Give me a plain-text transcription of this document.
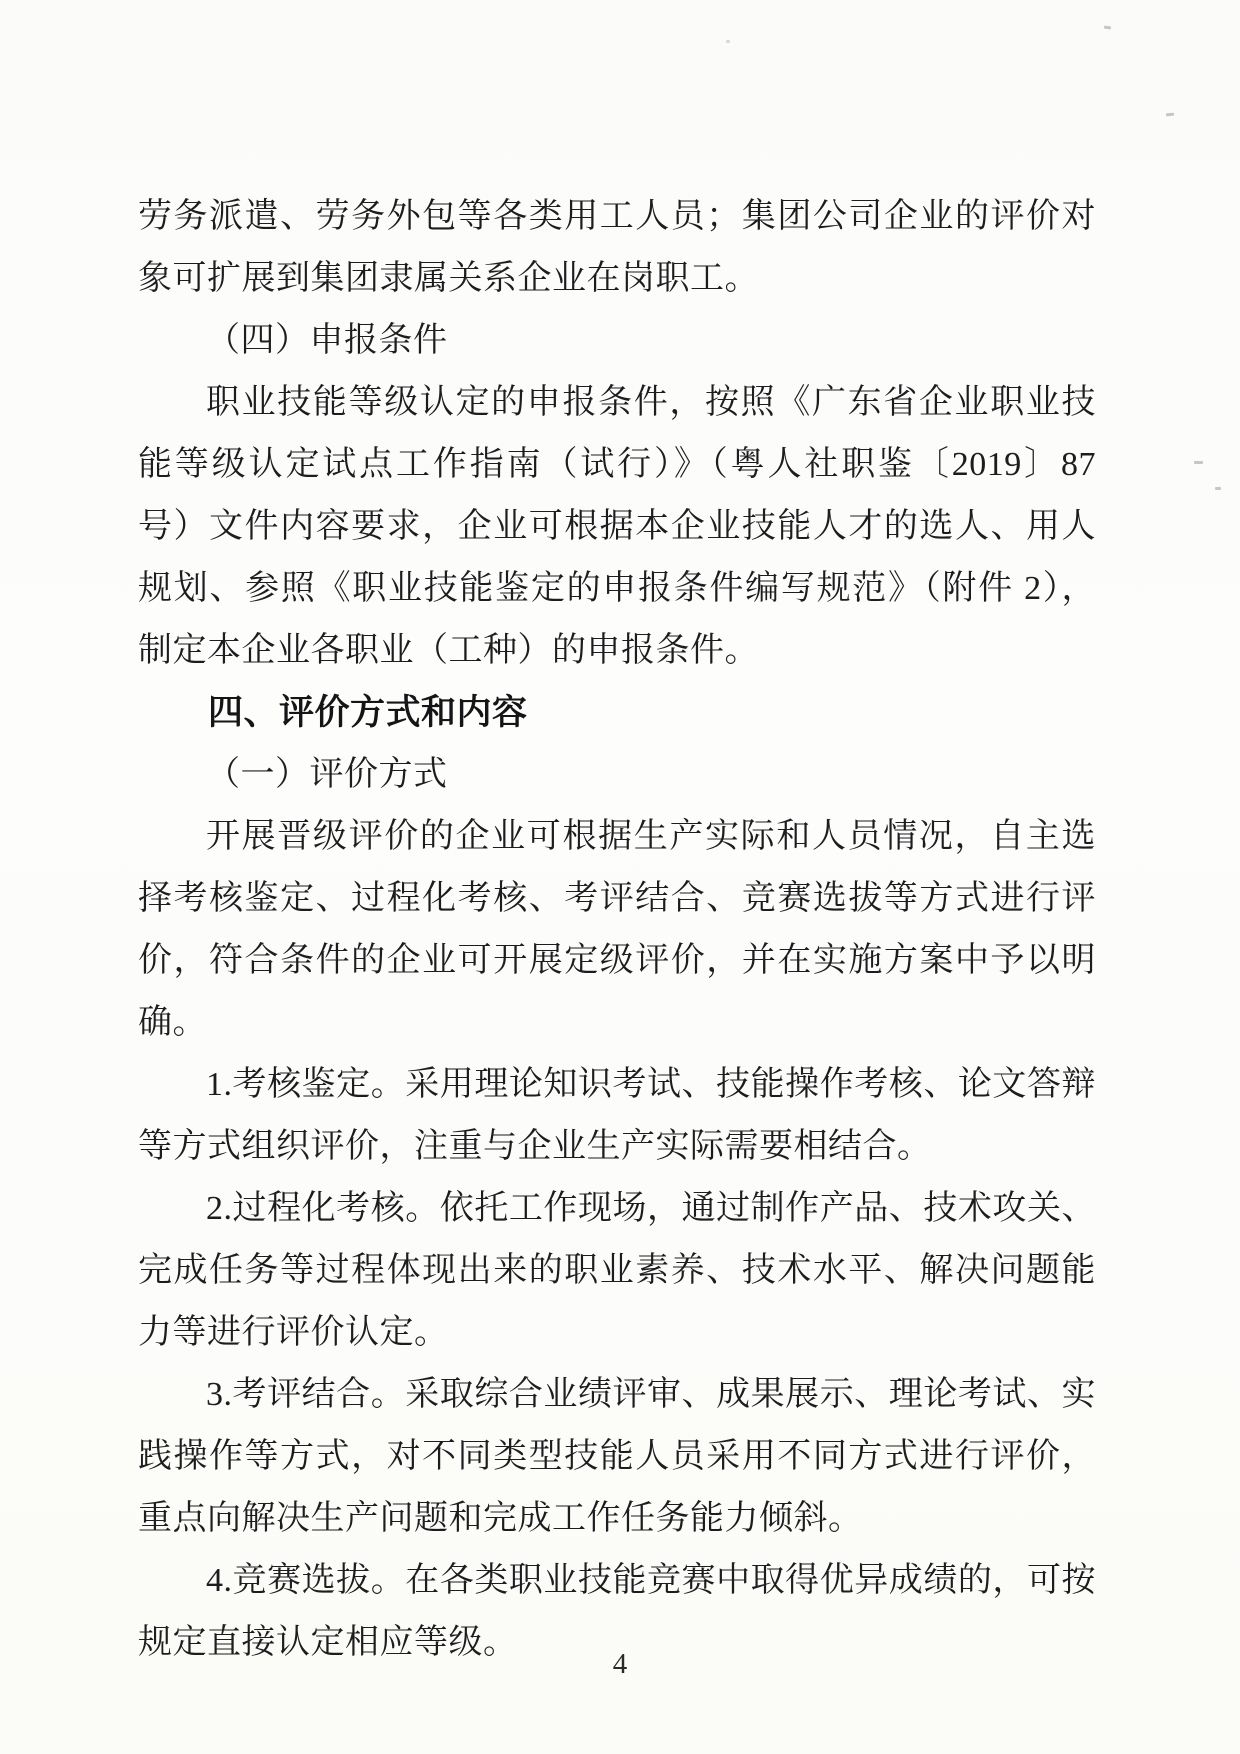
劳务派遣、劳务外包等各类用工人员；集团公司企业的评价对象可扩展到集团隶属关系企业在岗职工。

（四）申报条件

职业技能等级认定的申报条件，按照《广东省企业职业技能等级认定试点工作指南（试行）》（粤人社职鉴〔2019〕87 号）文件内容要求，企业可根据本企业技能人才的选人、用人规划、参照《职业技能鉴定的申报条件编写规范》（附件 2），制定本企业各职业（工种）的申报条件。

四、评价方式和内容

（一）评价方式

开展晋级评价的企业可根据生产实际和人员情况，自主选择考核鉴定、过程化考核、考评结合、竞赛选拔等方式进行评价，符合条件的企业可开展定级评价，并在实施方案中予以明确。

1.考核鉴定。采用理论知识考试、技能操作考核、论文答辩等方式组织评价，注重与企业生产实际需要相结合。

2.过程化考核。依托工作现场，通过制作产品、技术攻关、完成任务等过程体现出来的职业素养、技术水平、解决问题能力等进行评价认定。

3.考评结合。采取综合业绩评审、成果展示、理论考试、实践操作等方式，对不同类型技能人员采用不同方式进行评价，重点向解决生产问题和完成工作任务能力倾斜。

4.竞赛选拔。在各类职业技能竞赛中取得优异成绩的，可按规定直接认定相应等级。

4
